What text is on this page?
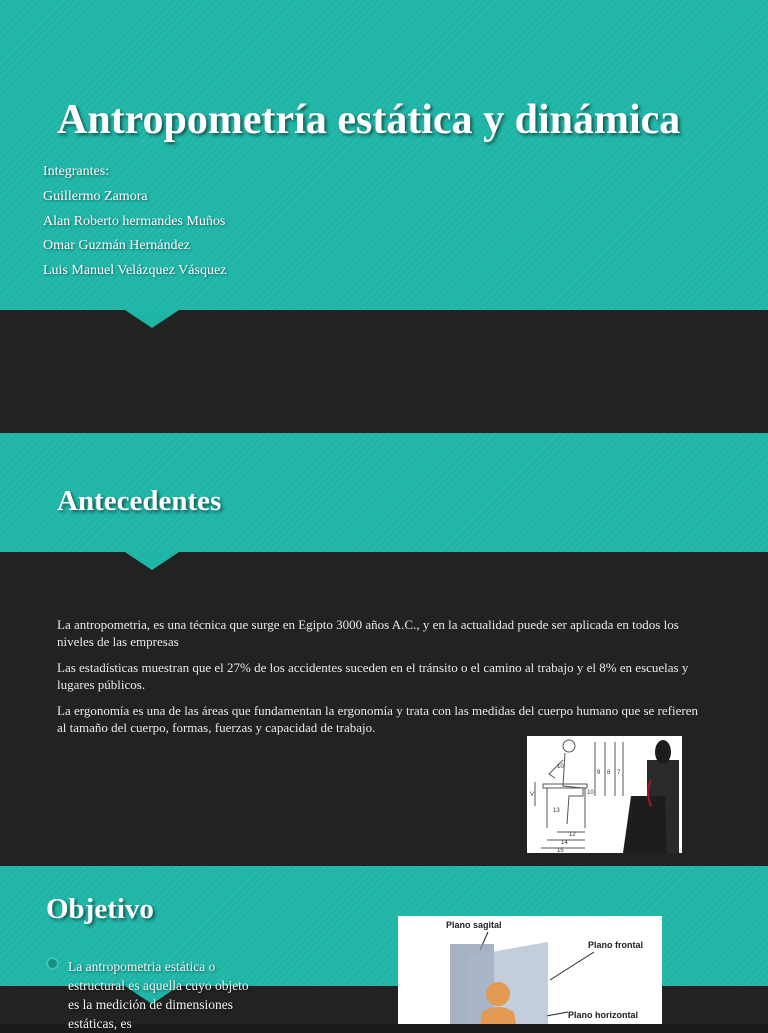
Antropometría estática y dinámica
Integrantes:
Guillermo Zamora
Alan Roberto hermandes Muños
Omar Guzmán Hernández
Luis Manuel Velázquez Vásquez
Antecedentes

La antropometria, es una técnica que surge en Egipto 3000 años A.C., y en la actualidad puede ser aplicada en todos los niveles de las empresas

Las estadísticas muestran que el 27% de los accidentes suceden en el tránsito o el camino al trabajo y el 8% en escuelas y lugares públicos.

La ergonomía es una de las áreas que fundamentan la ergonomía y trata con las medidas del cuerpo humano que se refieren al tamaño del cuerpo, formas, fuerzas y capacidad de trabajo.

10
9 8 7
10
13
12
14
15
V
Objetivo
La antropometria estática o estructural es aquella cuyo objeto es la medición de dimensiones estáticas, es
Plano sagital
Plano frontal
Plano horizontal
